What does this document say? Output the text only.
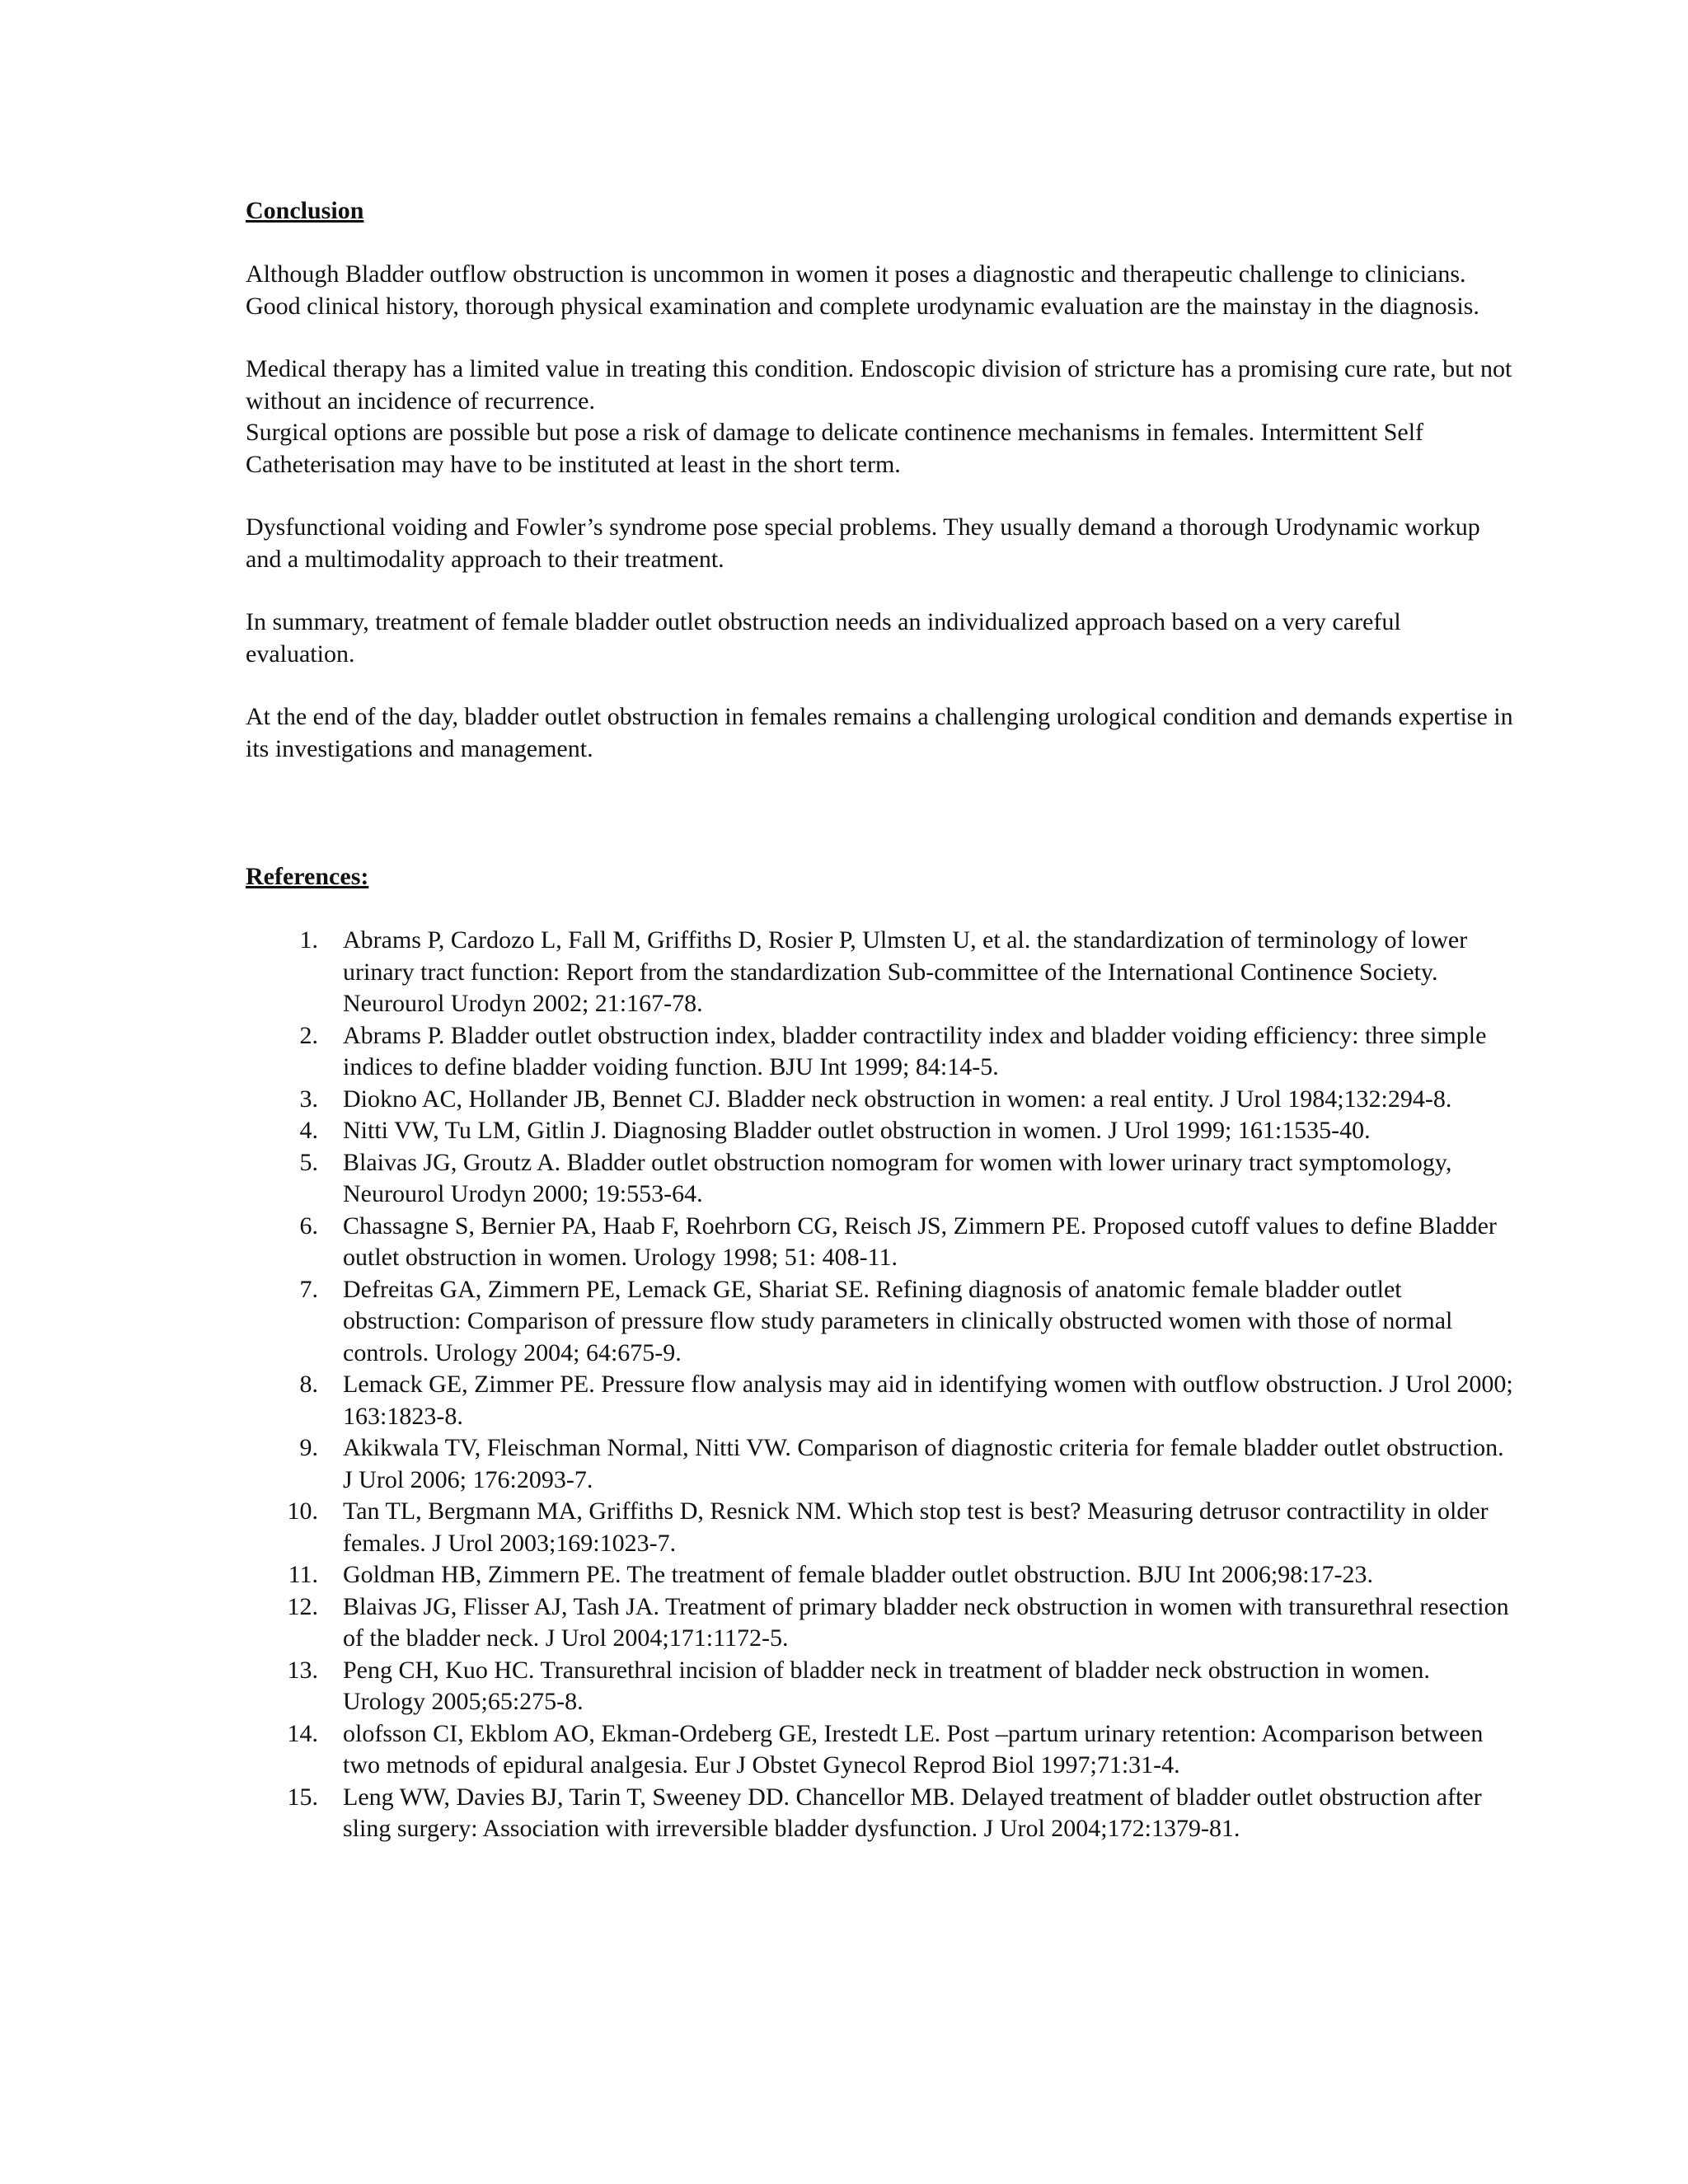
Conclusion

Although Bladder outflow obstruction is uncommon in women it poses a diagnostic and therapeutic challenge to clinicians. Good clinical history, thorough physical examination and complete urodynamic evaluation are the mainstay in the diagnosis.

Medical therapy has a limited value in treating this condition. Endoscopic division of stricture has a promising cure rate, but not without an incidence of recurrence.

Surgical options are possible but pose a risk of damage to delicate continence mechanisms in females. Intermittent Self Catheterisation may have to be instituted at least in the short term.

Dysfunctional voiding and Fowler’s syndrome pose special problems. They usually demand a thorough Urodynamic workup and a multimodality approach to their treatment.

In summary, treatment of female bladder outlet obstruction needs an individualized approach based on a very careful evaluation.

At the end of the day, bladder outlet obstruction in females remains a challenging urological condition and demands expertise in its investigations and management.

References:

1. Abrams P, Cardozo L, Fall M, Griffiths D, Rosier P, Ulmsten U, et al. the standardization of terminology of lower urinary tract function: Report from the standardization Sub-committee of the International Continence Society. Neurourol Urodyn 2002; 21:167-78.
2. Abrams P. Bladder outlet obstruction index, bladder contractility index and bladder voiding efficiency: three simple indices to define bladder voiding function. BJU Int 1999; 84:14-5.
3. Diokno AC, Hollander JB, Bennet CJ. Bladder neck obstruction in women: a real entity. J Urol 1984;132:294-8.
4. Nitti VW, Tu LM, Gitlin J. Diagnosing Bladder outlet obstruction in women. J Urol 1999; 161:1535-40.
5. Blaivas JG, Groutz A. Bladder outlet obstruction nomogram for women with lower urinary tract symptomology, Neurourol Urodyn 2000; 19:553-64.
6. Chassagne S, Bernier PA, Haab F, Roehrborn CG, Reisch JS, Zimmern PE. Proposed cutoff values to define Bladder outlet obstruction in women. Urology 1998; 51: 408-11.
7. Defreitas GA, Zimmern PE, Lemack GE, Shariat SE. Refining diagnosis of anatomic female bladder outlet obstruction: Comparison of pressure flow study parameters in clinically obstructed women with those of normal controls. Urology 2004; 64:675-9.
8. Lemack GE, Zimmer PE. Pressure flow analysis may aid in identifying women with outflow obstruction. J Urol 2000; 163:1823-8.
9. Akikwala TV, Fleischman Normal, Nitti VW. Comparison of diagnostic criteria for female bladder outlet obstruction. J Urol 2006; 176:2093-7.
10. Tan TL, Bergmann MA, Griffiths D, Resnick NM. Which stop test is best? Measuring detrusor contractility in older females. J Urol 2003;169:1023-7.
11. Goldman HB, Zimmern PE. The treatment of female bladder outlet obstruction. BJU Int 2006;98:17-23.
12. Blaivas JG, Flisser AJ, Tash JA. Treatment of primary bladder neck obstruction in women with transurethral resection of the bladder neck. J Urol 2004;171:1172-5.
13. Peng CH, Kuo HC. Transurethral incision of bladder neck in treatment of bladder neck obstruction in women. Urology 2005;65:275-8.
14. olofsson CI, Ekblom AO, Ekman-Ordeberg GE, Irestedt LE. Post –partum urinary retention: Acomparison between two metnods of epidural analgesia. Eur J Obstet Gynecol Reprod Biol 1997;71:31-4.
15. Leng WW, Davies BJ, Tarin T, Sweeney DD. Chancellor MB. Delayed treatment of bladder outlet obstruction after sling surgery: Association with irreversible bladder dysfunction. J Urol 2004;172:1379-81.
